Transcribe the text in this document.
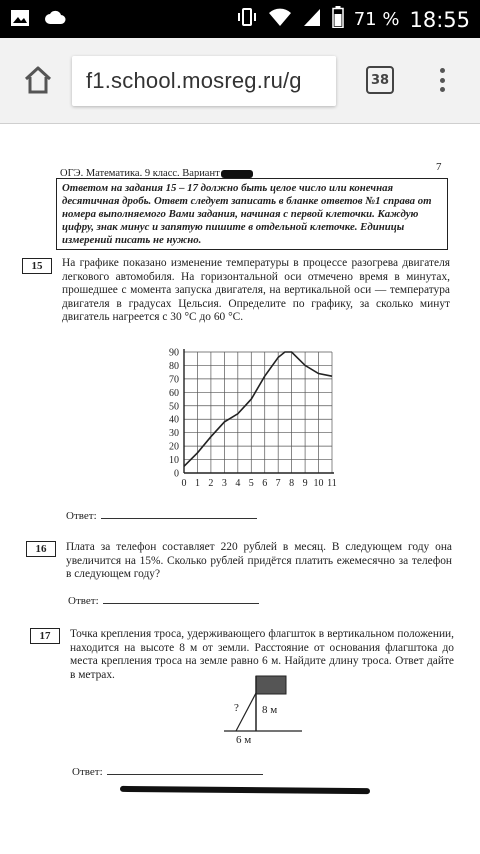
71 % 18:55
f1.school.mosreg.ru/g	38
ОГЭ. Математика. 9 класс. Вариант
7
Ответом на задания 15 – 17 должно быть целое число или конечная десятичная дробь. Ответ следует записать в бланке ответов №1 справа от номера выполняемого Вами задания, начиная с первой клеточки. Каждую цифру, знак минус и запятую пишите в отдельной клеточке. Единицы измерений писать не нужно.
15	На графике показано изменение температуры в процессе разогрева двигателя легкового автомобиля. На горизонтальной оси отмечено время в минутах, прошедшее с момента запуска двигателя, на вертикальной оси — температура двигателя в градусах Цельсия. Определите по графику, за сколько минут двигатель нагреется с 30 °С до 60 °С.
0
10
20
30
40
50
60
70
80
90
0 1 2 3 4 5 6 7 8 9 10 11
Ответ:
16	Плата за телефон составляет 220 рублей в месяц. В следующем году она увеличится на 15%. Сколько рублей придётся платить ежемесячно за телефон в следующем году?
Ответ:
17	Точка крепления троса, удерживающего флагшток в вертикальном положении, находится на высоте 8 м от земли. Расстояние от основания флагштока до места крепления троса на земле равно 6 м. Найдите длину троса. Ответ дайте в метрах.
? 8 м
6 м
Ответ:
